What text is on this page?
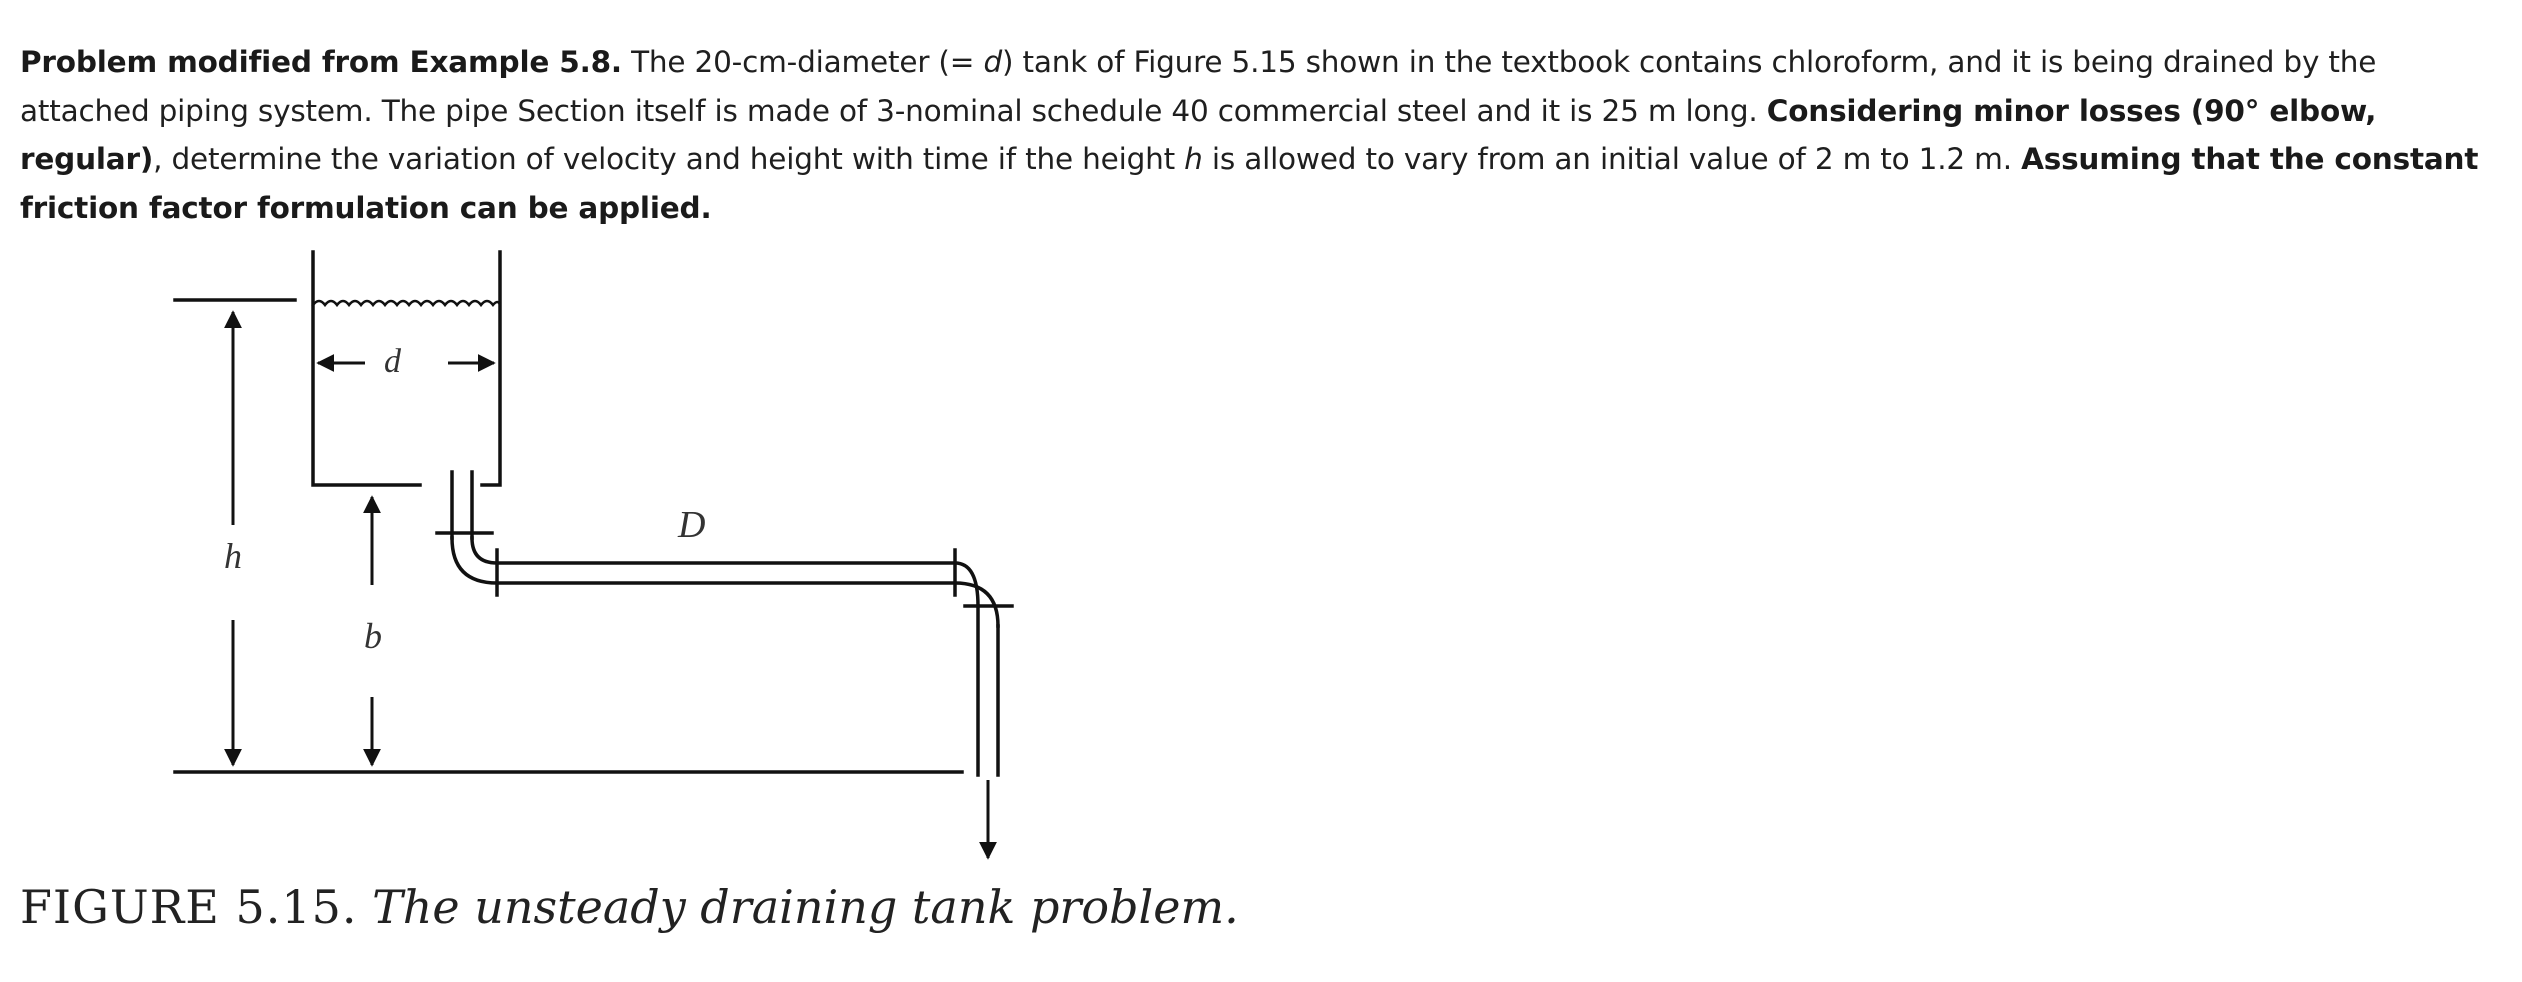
Problem modified from Example 5.8. The 20-cm-diameter (= d) tank of Figure 5.15 shown in the textbook contains chloroform, and it is being drained by the attached piping system. The pipe Section itself is made of 3-nominal schedule 40 commercial steel and it is 25 m long. Considering minor losses (90° elbow, regular), determine the variation of velocity and height with time if the height h is allowed to vary from an initial value of 2 m to 1.2 m. Assuming that the constant friction factor formulation can be applied.
d
D
h
b
FIGURE 5.15. The unsteady draining tank problem.
